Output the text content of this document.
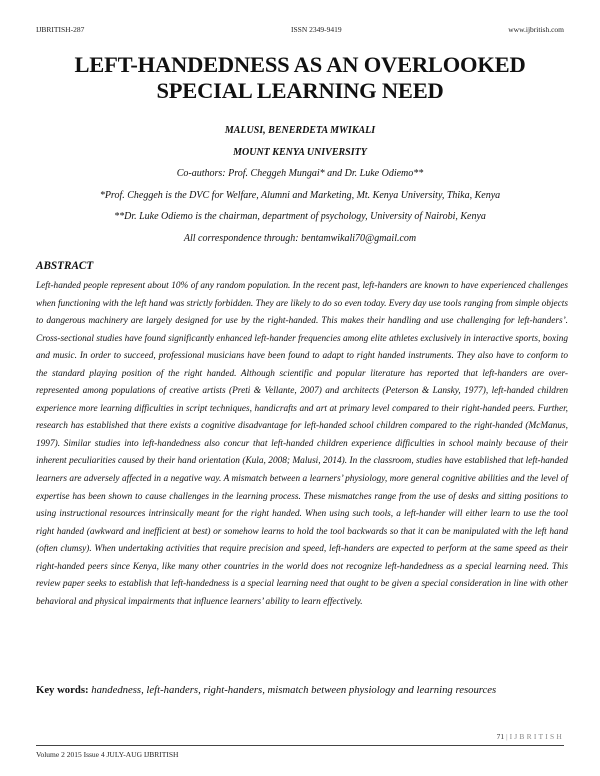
IJBRITISH-287	ISSN 2349-9419	www.ijbritish.com
LEFT-HANDEDNESS AS AN OVERLOOKED
SPECIAL LEARNING NEED
MALUSI, BENERDETA MWIKALI
MOUNT KENYA UNIVERSITY
Co-authors: Prof. Cheggeh Mungai* and Dr. Luke Odiemo**
*Prof. Cheggeh is the DVC for Welfare, Alumni and Marketing, Mt. Kenya University, Thika, Kenya
**Dr. Luke Odiemo is the chairman, department of psychology, University of Nairobi, Kenya
All correspondence through: bentamwikali70@gmail.com
ABSTRACT
Left-handed people represent about 10% of any random population. In the recent past, left-handers are known to have experienced challenges when functioning with the left hand was strictly forbidden. They are likely to do so even today. Every day use tools ranging from simple objects to dangerous machinery are largely designed for use by the right-handed. This makes their handling and use challenging for left-handers’. Cross-sectional studies have found significantly enhanced left-hander frequencies among elite athletes exclusively in interactive sports, boxing and music. In order to succeed, professional musicians have been found to adapt to right handed instruments. They also have to conform to the standard playing position of the right handed. Although scientific and popular literature has reported that left-handers are over-represented among populations of creative artists (Preti & Vellante, 2007) and architects (Peterson & Lansky, 1977), left-handed children experience more learning difficulties in script techniques, handicrafts and art at primary level compared to their right-handed peers. Further, research has established that there exists a cognitive disadvantage for left-handed school children compared to the right-handed (McManus, 1997). Similar studies into left-handedness also concur that left-handed children experience difficulties in school mainly because of their inherent peculiarities caused by their hand orientation (Kula, 2008; Malusi, 2014). In the classroom, studies have established that left-handed learners are adversely affected in a negative way. A mismatch between a learners’ physiology, more general cognitive abilities and the level of expertise has been shown to cause challenges in the learning process. These mismatches range from the use of desks and sitting positions to using instructional resources intrinsically meant for the right handed. When using such tools, a left-hander will either learn to use the tool right handed (awkward and inefficient at best) or somehow learns to hold the tool backwards so that it can be manipulated with the left hand (often clumsy). When undertaking activities that require precision and speed, left-handers are expected to perform at the same speed as their right-handed peers since Kenya, like many other countries in the world does not recognize left-handedness as a special learning need. This review paper seeks to establish that left-handedness is a special learning need that ought to be given a special consideration in line with other behavioral and physical impairments that influence learners’ ability to learn effectively.
Key words: handedness, left-handers, right-handers, mismatch between physiology and learning resources
71 | IJBRITISH
Volume 2 2015 Issue 4 JULY-AUG IJBRITISH
